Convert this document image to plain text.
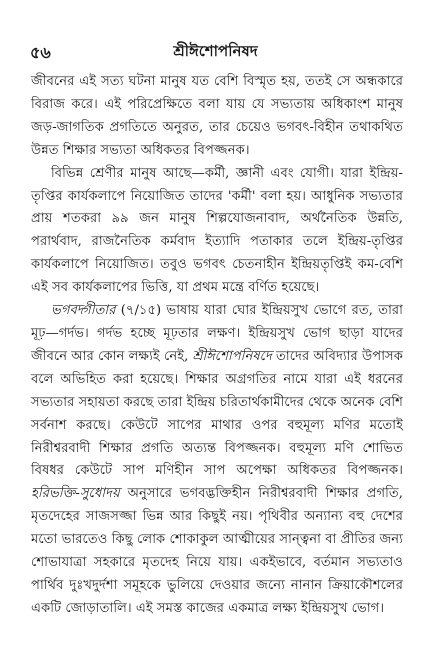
৫৬	শ্রীঈশোপনিষদ

জীবনের এই সত্য ঘটনা মানুষ যত বেশি বিস্মৃত হয়, ততই সে অন্ধকারে বিরাজ করে। এই পরিপ্রেক্ষিতে বলা যায় যে সভ্যতায় অধিকাংশ মানুষ জড়-জাগতিক প্রগতিতে অনুরত, তার চেয়েও ভগবৎ-বিহীন তথাকথিত উন্নত শিক্ষার সভ্যতা অধিকতর বিপজ্জনক।

বিভিন্ন শ্রেণীর মানুষ আছে—কর্মী, জ্ঞানী এবং যোগী। যারা ইন্দ্রিয়-তৃপ্তির কার্যকলাপে নিয়োজিত তাদের 'কর্মী' বলা হয়। আধুনিক সভ্যতার প্রায় শতকরা ৯৯ জন মানুষ শিল্পযোজনাবাদ, অর্থনৈতিক উন্নতি, পরার্থবাদ, রাজনৈতিক কর্মবাদ ইত্যাদি পতাকার তলে ইন্দ্রিয়-তৃপ্তির কার্যকলাপে নিয়োজিত। তবুও ভগবৎ চেতনাহীন ইন্দ্রিয়তৃপ্তিই কম-বেশি এই সব কার্যকলাপের ভিত্তি, যা প্রথম মন্ত্রে বর্ণিত হয়েছে।

ভগবদ্গীতার (৭/১৫) ভাষায় যারা ঘোর ইন্দ্রিয়সুখ ভোগে রত, তারা মূঢ়—গর্দভ। গর্দভ হচ্ছে মূঢ়তার লক্ষণ। ইন্দ্রিয়সুখ ভোগ ছাড়া যাদের জীবনে আর কোন লক্ষ্যই নেই, শ্রীঈশোপনিষদে তাদের অবিদ্যার উপাসক বলে অভিহিত করা হয়েছে। শিক্ষার অগ্রগতির নামে যারা এই ধরনের সভ্যতার সহায়তা করছে তারা ইন্দ্রিয় চরিতার্থকামীদের থেকে অনেক বেশি সর্বনাশ করছে। কেউটে সাপের মাথার ওপর বহুমূল্য মণির মতোই নিরীশ্বরবাদী শিক্ষার প্রগতি অত্যন্ত বিপজ্জনক। বহুমূল্য মণি শোভিত বিষধর কেউটে সাপ মণিহীন সাপ অপেক্ষা অধিকতর বিপজ্জনক। হরিভক্তি-সুধোদয় অনুসারে ভগবদ্ভক্তিহীন নিরীশ্বরবাদী শিক্ষার প্রগতি, মৃতদেহের সাজসজ্জা ভিন্ন আর কিছুই নয়। পৃথিবীর অন্যান্য বহু দেশের মতো ভারতেও কিছু লোক শোকাকুল আত্মীয়ের সান্ত্বনা বা প্রীতির জন্য শোভাযাত্রা সহকারে মৃতদেহ নিয়ে যায়। একইভাবে, বর্তমান সভ্যতাও পার্থিব দুঃখদুর্দশা সমূহকে ভুলিয়ে দেওয়ার জন্যে নানান ক্রিয়াকৌশলের একটি জোড়াতালি। এই সমস্ত কাজের একমাত্র লক্ষ্য ইন্দ্রিয়সুখ ভোগ।
